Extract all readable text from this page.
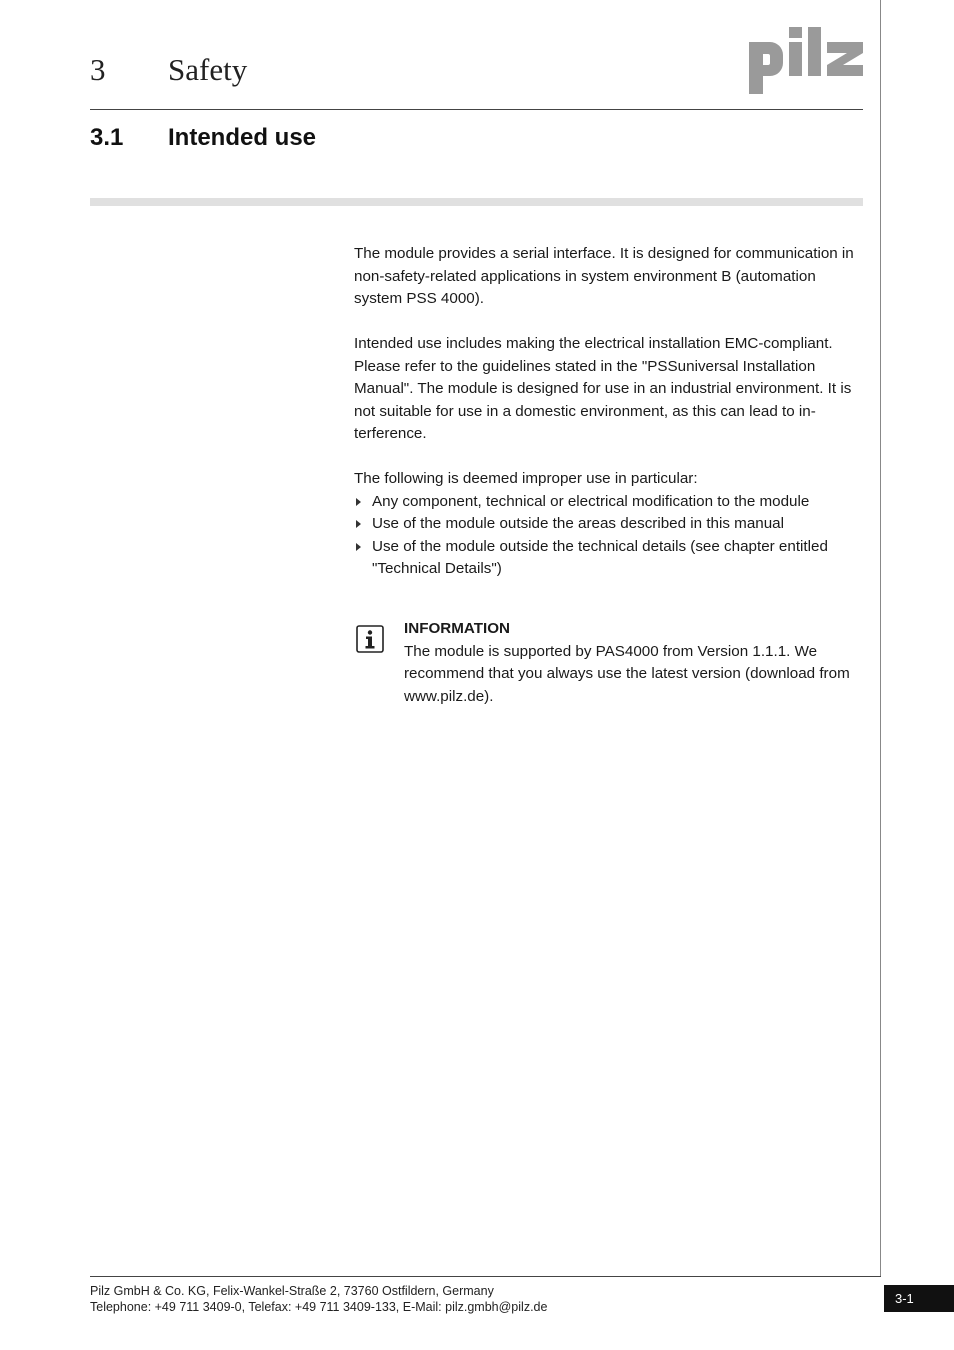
3 Safety
3.1 Intended use

The module provides a serial interface. It is designed for communication in non-safety-related applications in system environment B (automation system PSS 4000).

Intended use includes making the electrical installation EMC-compliant. Please refer to the guidelines stated in the "PSSuniversal Installation Manual". The module is designed for use in an industrial environment. It is not suitable for use in a domestic environment, as this can lead to in-terference.

The following is deemed improper use in particular:

Any component, technical or electrical modification to the module
Use of the module outside the areas described in this manual
Use of the module outside the technical details (see chapter entitled "Technical Details")
INFORMATION
The module is supported by PAS4000 from Version 1.1.1. We recommend that you always use the latest version (download from www.pilz.de).
Pilz GmbH & Co. KG, Felix-Wankel-Straße 2, 73760 Ostfildern, Germany
Telephone: +49 711 3409-0, Telefax: +49 711 3409-133, E-Mail: pilz.gmbh@pilz.de
3-1
